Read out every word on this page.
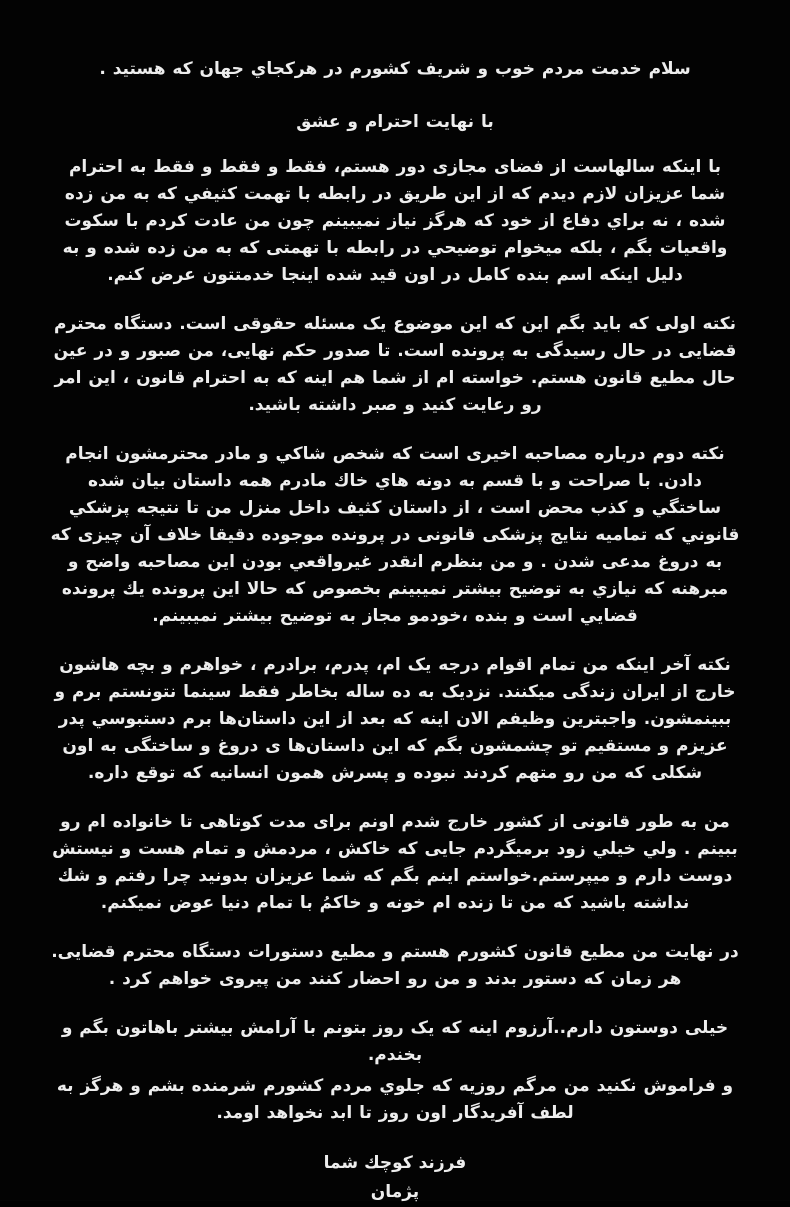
سلام خدمت مردم خوب و شریف کشورم در هرکجاي جهان که هستید .

با نهایت احترام و عشق

با اینکه سالهاست از فضای مجازی دور هستم، فقط و فقط و فقط به احترام شما عزیزان لازم دیدم که از این طریق در رابطه با تهمت کثیفي که به من زده شده ، نه براي دفاع از خود که هرگز نیاز نمیبینم چون من عادت کردم با سکوت واقعیات بگم ، بلکه میخوام توضیحي در رابطه با تهمتی که به من زده شده و به دلیل اینکه اسم بنده کامل در اون قید شده اینجا خدمتتون عرض کنم.

نکته اولی که باید بگم این که این موضوع یک مسئله حقوقی است. دستگاه محترم قضایی در حال رسیدگی به پرونده است. تا صدور حکم نهایی، من صبور و در عین حال مطیع قانون هستم. خواسته ام از شما هم اینه که به احترام قانون ، این امر رو رعایت کنید و صبر داشته باشید.

نکته دوم درباره مصاحبه اخیری است که شخص شاکي و مادر محترمشون انجام دادن. با صراحت و با قسم به دونه هاي خاك مادرم همه داستان بیان شده ساختگي و کذب محض است ، از داستان کثیف داخل منزل من تا نتیجه پزشکي قانوني که تمامیه نتایج پزشکی قانونی در پرونده موجوده دقیقا خلاف آن چیزی که به دروغ مدعی شدن . و من بنظرم انقدر غیرواقعي بودن این مصاحبه واضح و مبرهنه که نیازي به توضیح بیشتر نمیبینم بخصوص که حالا این پرونده یك پرونده قضایي است و بنده ،خودمو مجاز به توضیح بیشتر نمیبینم.

نکته آخر اینکه من تمام اقوام درجه یک ام، پدرم، برادرم ، خواهرم و بچه هاشون خارج از ایران زندگی میکنند. نزدیک به ده ساله بخاطر فقط سینما نتونستم برم و ببینمشون. واجبترین وظیفم الان اینه که بعد از این داستان‌ها برم دستبوسي پدر عزیزم و مستقیم تو چشمشون بگم که این داستان‌ها ی دروغ و ساختگی به اون شکلی که من رو متهم کردند نبوده و پسرش همون انسانیه که توقع داره.

من به طور قانونی از کشور خارج شدم اونم برای مدت کوتاهی تا خانواده ام رو ببینم . ولي خیلي زود برمیگردم جایی که خاکش ، مردمش و تمام هست و نیستش دوست دارم و میپرستم.خواستم اینم بگم که شما عزیزان بدونید چرا رفتم و شك نداشته باشید که من تا زنده ام خونه و خاکمُ با تمام دنیا عوض نمیکنم.

در نهایت من مطیع قانون کشورم هستم و مطیع دستورات دستگاه محترم قضایی. هر زمان که دستور بدند و من رو احضار کنند من پیروی خواهم کرد .

خیلی دوستون دارم..آرزوم اینه که یک روز بتونم با آرامش بیشتر باهاتون بگم و بخندم.

و فراموش نکنید من مرگم روزیه که جلوي مردم کشورم شرمنده بشم و هرگز به لطف آفریدگار اون روز تا ابد نخواهد اومد.

فرزند کوچك شما
پژمان
